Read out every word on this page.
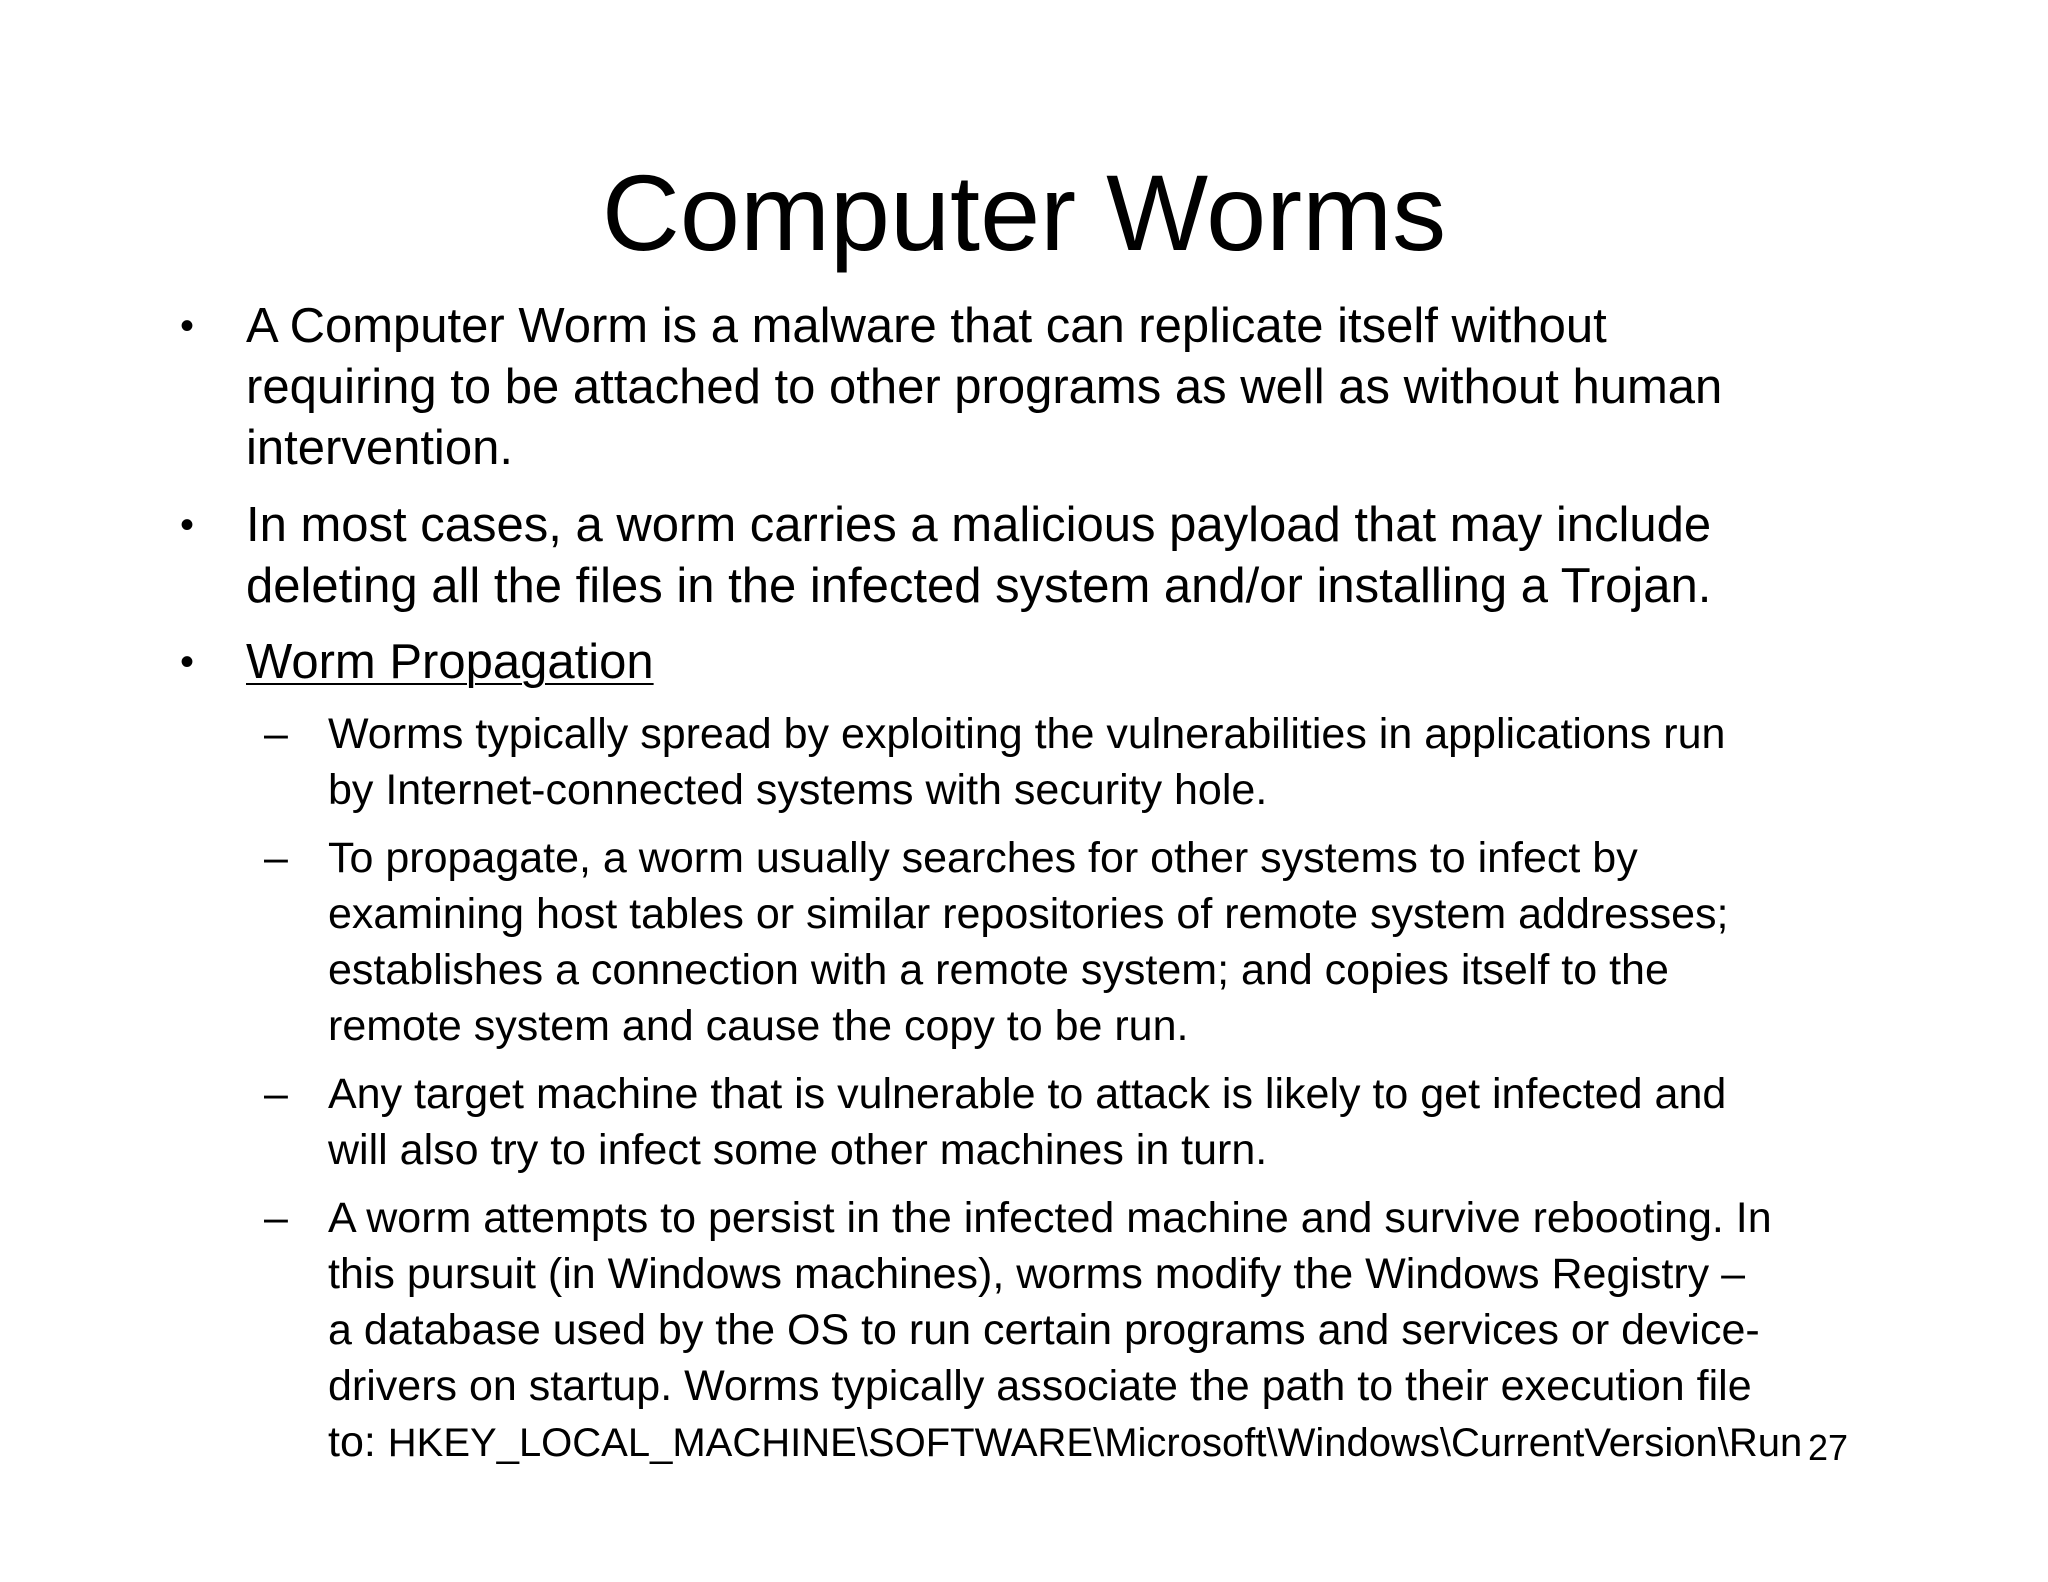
Computer Worms
• A Computer Worm is a malware that can replicate itself without
requiring to be attached to other programs as well as without human
intervention.
• In most cases, a worm carries a malicious payload that may include
deleting all the files in the infected system and/or installing a Trojan.
• Worm Propagation
– Worms typically spread by exploiting the vulnerabilities in applications run
by Internet-connected systems with security hole.
– To propagate, a worm usually searches for other systems to infect by
examining host tables or similar repositories of remote system addresses;
establishes a connection with a remote system; and copies itself to the
remote system and cause the copy to be run.
– Any target machine that is vulnerable to attack is likely to get infected and
will also try to infect some other machines in turn.
– A worm attempts to persist in the infected machine and survive rebooting. In
this pursuit (in Windows machines), worms modify the Windows Registry –
a database used by the OS to run certain programs and services or device-
drivers on startup. Worms typically associate the path to their execution file
to: HKEY_LOCAL_MACHINE\SOFTWARE\Microsoft\Windows\CurrentVersion\Run 27
